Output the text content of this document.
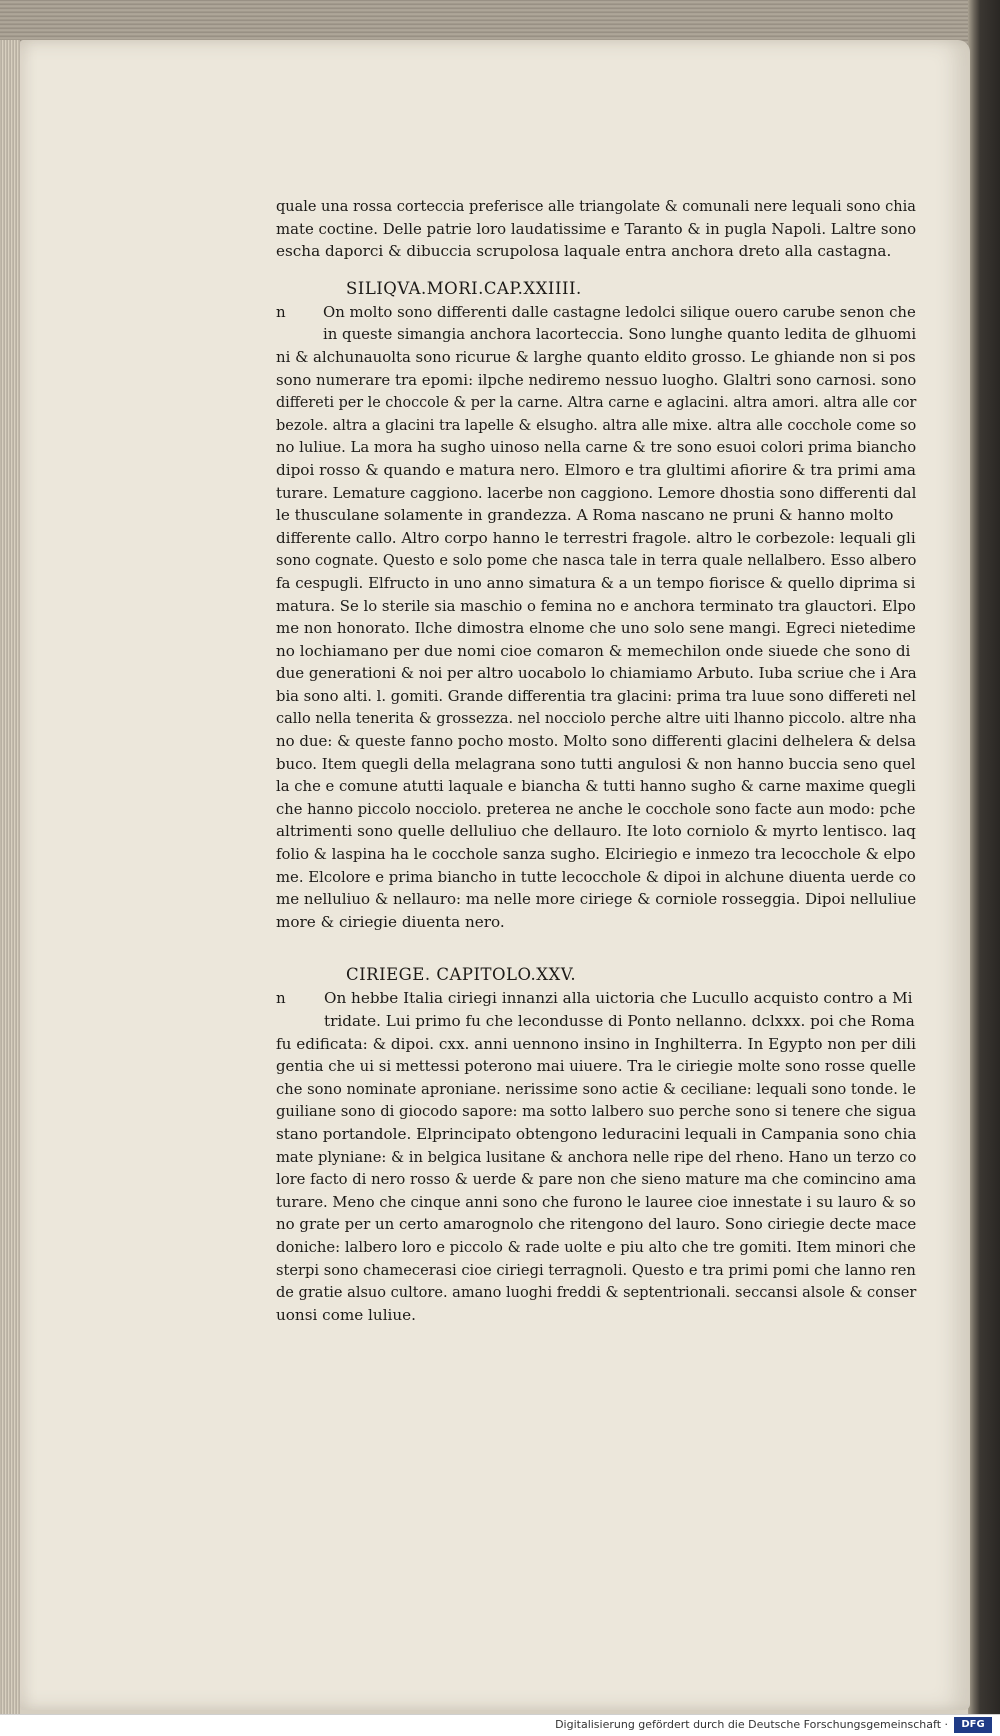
quale una rossa corteccia preferisce alle triangolate & comunali nere lequali sono chia
mate coctine. Delle patrie loro laudatissime e Taranto & in pugla Napoli. Laltre sono
escha daporci & dibuccia scrupolosa laquale entra anchora dreto alla castagna.
SILIQVA.MORI.CAP.XXIIII.
n	On molto sono differenti dalle castagne ledolci silique ouero carube senon che
in queste simangia anchora lacorteccia. Sono lunghe quanto ledita de glhuomi
ni & alchunauolta sono ricurue & larghe quanto eldito grosso. Le ghiande non si pos
sono numerare tra epomi: ilpche nediremo nessuo luogho. Glaltri sono carnosi. sono
differeti per le choccole & per la carne. Altra carne e aglacini. altra amori. altra alle cor
bezole. altra a glacini tra lapelle & elsugho. altra alle mixe. altra alle cocchole come so
no luliue. La mora ha sugho uinoso nella carne & tre sono esuoi colori prima biancho
dipoi rosso & quando e matura nero. Elmoro e tra glultimi afiorire & tra primi ama
turare. Lemature caggiono. lacerbe non caggiono. Lemore dhostia sono differenti dal
le thusculane solamente in grandezza. A Roma nascano ne pruni & hanno molto
differente callo. Altro corpo hanno le terrestri fragole. altro le corbezole: lequali gli
sono cognate. Questo e solo pome che nasca tale in terra quale nellalbero. Esso albero
fa cespugli. Elfructo in uno anno simatura & a un tempo fiorisce & quello diprima si
matura. Se lo sterile sia maschio o femina no e anchora terminato tra glauctori. Elpo
me non honorato. Ilche dimostra elnome che uno solo sene mangi. Egreci nietedime
no lochiamano per due nomi cioe comaron & memechilon onde siuede che sono di
due generationi & noi per altro uocabolo lo chiamiamo Arbuto. Iuba scriue che i Ara
bia sono alti. l. gomiti. Grande differentia tra glacini: prima tra luue sono differeti nel
callo nella tenerita & grossezza. nel nocciolo perche altre uiti lhanno piccolo. altre nha
no due: & queste fanno pocho mosto. Molto sono differenti glacini delhelera & delsa
buco. Item quegli della melagrana sono tutti angulosi & non hanno buccia seno quel
la che e comune atutti laquale e biancha & tutti hanno sugho & carne maxime quegli
che hanno piccolo nocciolo. preterea ne anche le cocchole sono facte aun modo: pche
altrimenti sono quelle delluliuo che dellauro. Ite loto corniolo & myrto lentisco. laq
folio & laspina ha le cocchole sanza sugho. Elciriegio e inmezo tra lecocchole & elpo
me. Elcolore e prima biancho in tutte lecocchole & dipoi in alchune diuenta uerde co
me nelluliuo & nellauro: ma nelle more ciriege & corniole rosseggia. Dipoi nelluliue
more & ciriegie diuenta nero.
CIRIEGE. CAPITOLO.XXV.
n	On hebbe Italia ciriegi innanzi alla uictoria che Lucullo acquisto contro a Mi
tridate. Lui primo fu che lecondusse di Ponto nellanno. dclxxx. poi che Roma
fu edificata: & dipoi. cxx. anni uennono insino in Inghilterra. In Egypto non per dili
gentia che ui si mettessi poterono mai uiuere. Tra le ciriegie molte sono rosse quelle
che sono nominate aproniane. nerissime sono actie & ceciliane: lequali sono tonde. le
guiliane sono di giocodo sapore: ma sotto lalbero suo perche sono si tenere che sigua
stano portandole. Elprincipato obtengono leduracini lequali in Campania sono chia
mate plyniane: & in belgica lusitane & anchora nelle ripe del rheno. Hano un terzo co
lore facto di nero rosso & uerde & pare non che sieno mature ma che comincino ama
turare. Meno che cinque anni sono che furono le lauree cioe innestate i su lauro & so
no grate per un certo amarognolo che ritengono del lauro. Sono ciriegie decte mace
doniche: lalbero loro e piccolo & rade uolte e piu alto che tre gomiti. Item minori che
sterpi sono chamecerasi cioe ciriegi terragnoli. Questo e tra primi pomi che lanno ren
de gratie alsuo cultore. amano luoghi freddi & septentrionali. seccansi alsole & conser
uonsi come luliue.
Digitalisierung gefördert durch die Deutsche Forschungsgemeinschaft ·	DFG
